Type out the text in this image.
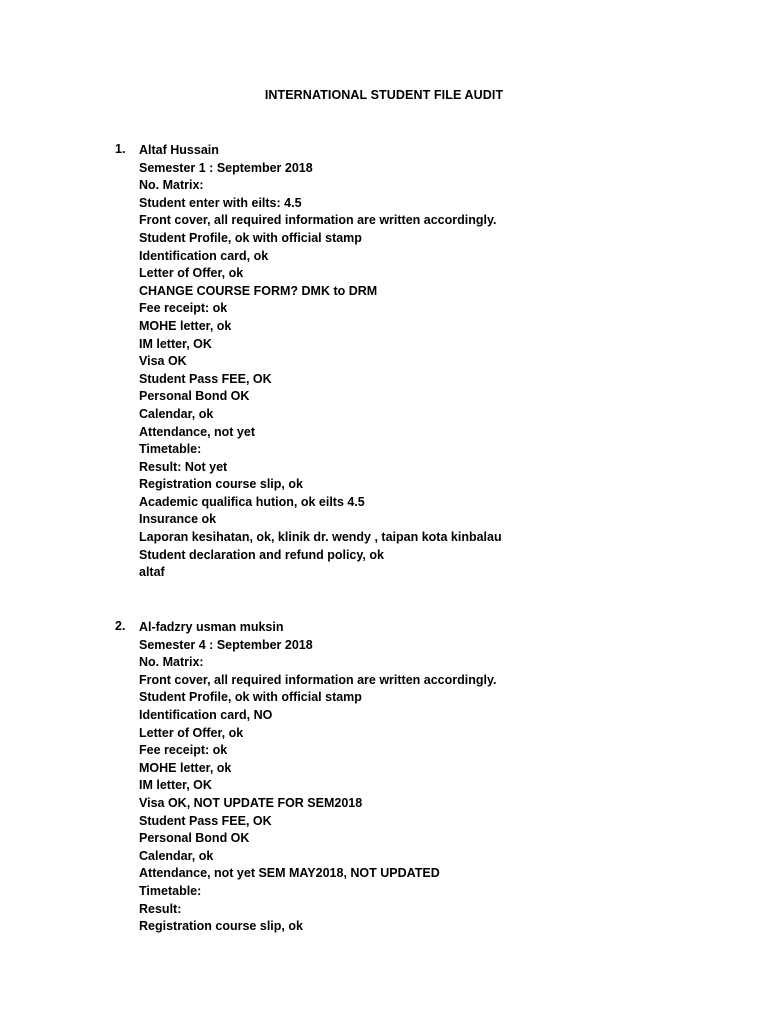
INTERNATIONAL STUDENT FILE AUDIT
1. Altaf Hussain
Semester 1 : September 2018
No. Matrix:
Student enter with eilts: 4.5
Front cover, all required information are written accordingly.
Student Profile, ok with official stamp
Identification card, ok
Letter of Offer, ok
CHANGE COURSE FORM? DMK to DRM
Fee receipt: ok
MOHE letter, ok
IM letter, OK
Visa OK
Student Pass FEE, OK
Personal Bond OK
Calendar, ok
Attendance, not yet
Timetable:
Result: Not yet
Registration course slip, ok
Academic qualifica hution, ok eilts 4.5
Insurance ok
Laporan kesihatan, ok, klinik dr. wendy , taipan kota kinbalau
Student declaration and refund policy, ok
altaf
2. Al-fadzry usman muksin
Semester 4 : September 2018
No. Matrix:
Front cover, all required information are written accordingly.
Student Profile, ok with official stamp
Identification card, NO
Letter of Offer, ok
Fee receipt: ok
MOHE letter, ok
IM letter, OK
Visa OK, NOT UPDATE FOR SEM2018
Student Pass FEE, OK
Personal Bond OK
Calendar, ok
Attendance, not yet SEM MAY2018, NOT UPDATED
Timetable:
Result:
Registration course slip, ok
